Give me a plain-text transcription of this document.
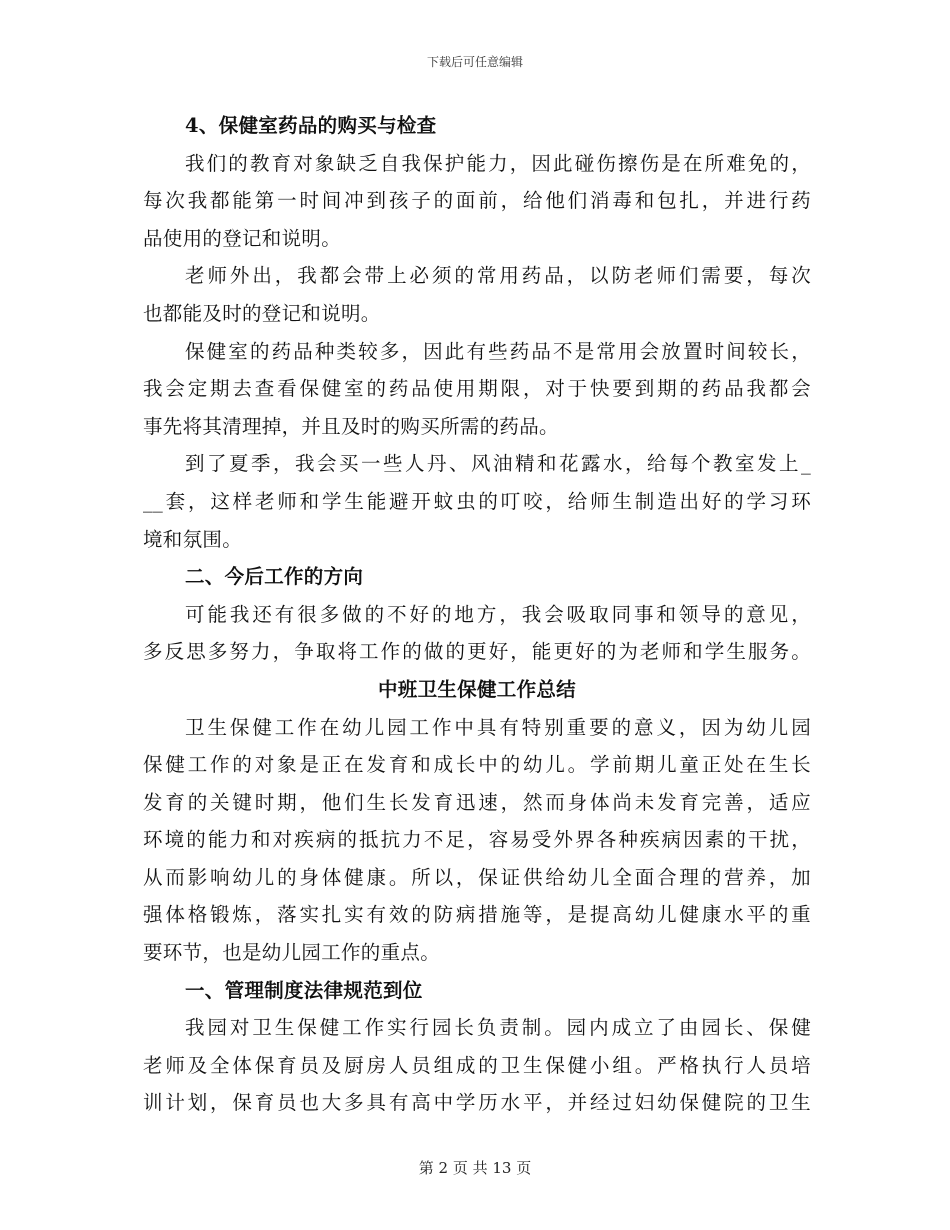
下载后可任意编辑
4、保健室药品的购买与检查
我们的教育对象缺乏自我保护能力，因此碰伤擦伤是在所难免的，
每次我都能第一时间冲到孩子的面前，给他们消毒和包扎，并进行药
品使用的登记和说明。
老师外出，我都会带上必须的常用药品，以防老师们需要，每次
也都能及时的登记和说明。
保健室的药品种类较多，因此有些药品不是常用会放置时间较长，
我会定期去查看保健室的药品使用期限，对于快要到期的药品我都会
事先将其清理掉，并且及时的购买所需的药品。
到了夏季，我会买一些人丹、风油精和花露水，给每个教室发上_
__套，这样老师和学生能避开蚊虫的叮咬，给师生制造出好的学习环
境和氛围。
二、今后工作的方向
可能我还有很多做的不好的地方，我会吸取同事和领导的意见，
多反思多努力，争取将工作的做的更好，能更好的为老师和学生服务。
中班卫生保健工作总结
卫生保健工作在幼儿园工作中具有特别重要的意义，因为幼儿园
保健工作的对象是正在发育和成长中的幼儿。学前期儿童正处在生长
发育的关键时期，他们生长发育迅速，然而身体尚未发育完善，适应
环境的能力和对疾病的抵抗力不足，容易受外界各种疾病因素的干扰，
从而影响幼儿的身体健康。所以，保证供给幼儿全面合理的营养，加
强体格锻炼，落实扎实有效的防病措施等，是提高幼儿健康水平的重
要环节，也是幼儿园工作的重点。
一、管理制度法律规范到位
我园对卫生保健工作实行园长负责制。园内成立了由园长、保健
老师及全体保育员及厨房人员组成的卫生保健小组。严格执行人员培
训计划，保育员也大多具有高中学历水平，并经过妇幼保健院的卫生
第 2 页 共 13 页
